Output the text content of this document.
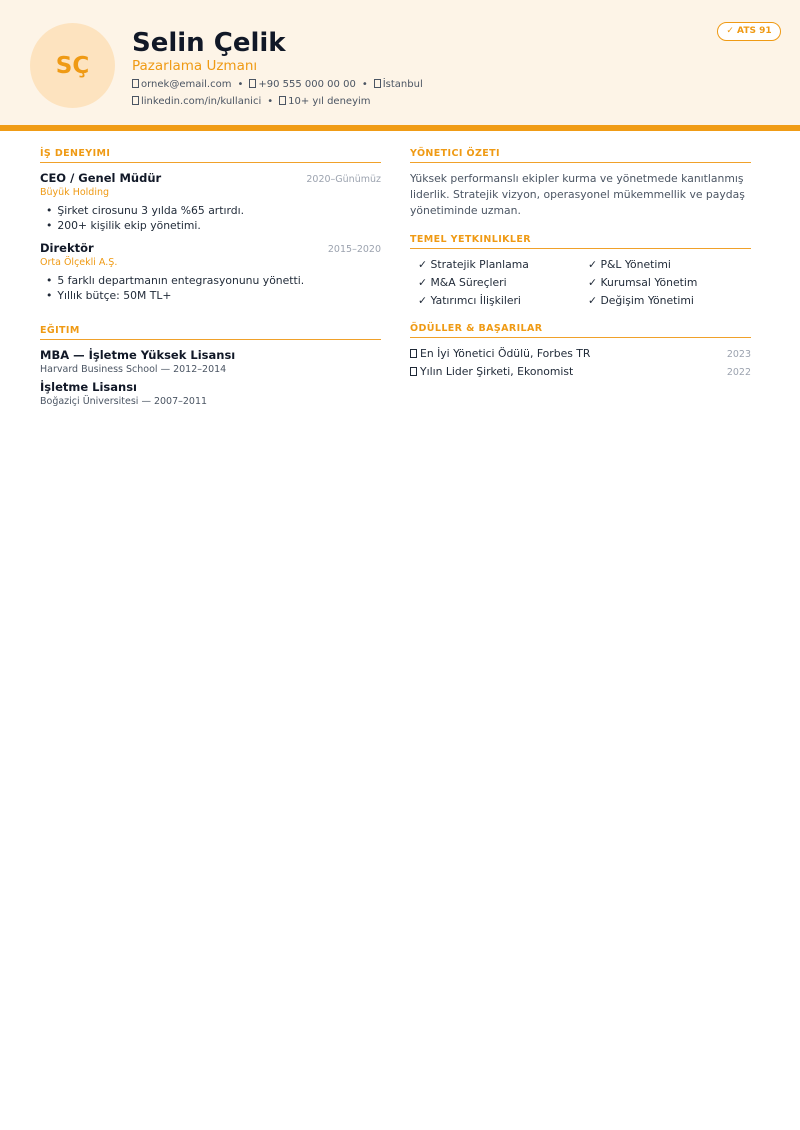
SÇ
Selin Çelik
Pazarlama Uzmanı
ornek@email.com • +90 555 000 00 00 • İstanbul
linkedin.com/in/kullanici • 10+ yıl deneyim
✓ ATS 91
İŞ DENEYIMI
CEO / Genel Müdür	2020–Günümüz
Büyük Holding
• Şirket cirosunu 3 yılda %65 artırdı.
• 200+ kişilik ekip yönetimi.
Direktör	2015–2020
Orta Ölçekli A.Ş.
• 5 farklı departmanın entegrasyonunu yönetti.
• Yıllık bütçe: 50M TL+
EĞITIM
MBA — İşletme Yüksek Lisansı
Harvard Business School — 2012–2014
İşletme Lisansı
Boğaziçi Üniversitesi — 2007–2011
YÖNETICI ÖZETI
Yüksek performanslı ekipler kurma ve yönetmede kanıtlanmış liderlik. Stratejik vizyon, operasyonel mükemmellik ve paydaş yönetiminde uzman.
TEMEL YETKINLIKLER
✓ Stratejik Planlama	✓ P&L Yönetimi
✓ M&A Süreçleri	✓ Kurumsal Yönetim
✓ Yatırımcı İlişkileri	✓ Değişim Yönetimi
ÖDÜLLER & BAŞARILAR
En İyi Yönetici Ödülü, Forbes TR	2023
Yılın Lider Şirketi, Ekonomist	2022
